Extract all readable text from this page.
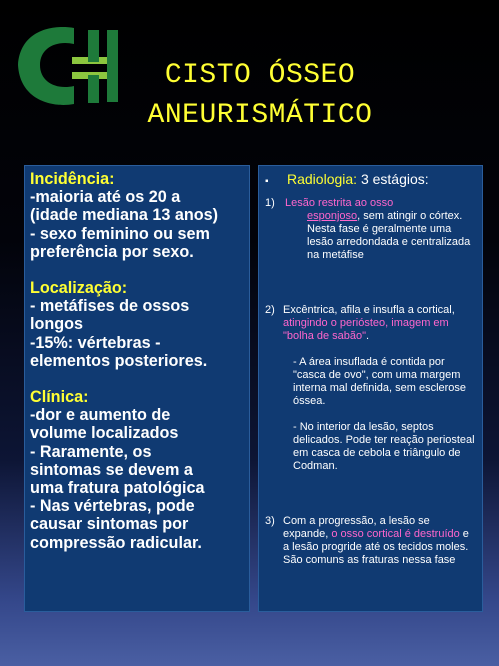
CISTO ÓSSEO
ANEURISMÁTICO
Incidência:
-maioria até os 20 a
(idade mediana 13 anos)
- sexo feminino ou sem
preferência por sexo.
Localização:
- metáfises de ossos
longos
-15%: vértebras -
elementos posteriores.
Clínica:
-dor e aumento de
volume localizados
- Raramente, os
sintomas se devem a
uma fratura patológica
- Nas vértebras, pode
causar sintomas por
compressão radicular.
▪ Radiologia: 3 estágios:
1) Lesão restrita ao osso
esponjoso, sem atingir o córtex. Nesta fase é geralmente uma lesão arredondada e centralizada na metáfise
2) Excêntrica, afila e insufla a cortical, atingindo o periósteo, imagem em "bolha de sabão".
- A área insuflada é contida por "casca de ovo", com uma margem interna mal definida, sem esclerose óssea.
- No interior da lesão, septos delicados. Pode ter reação periosteal em casca de cebola e triângulo de Codman.
3) Com a progressão, a lesão se expande, o osso cortical é destruído e a lesão progride até os tecidos moles. São comuns as fraturas nessa fase
